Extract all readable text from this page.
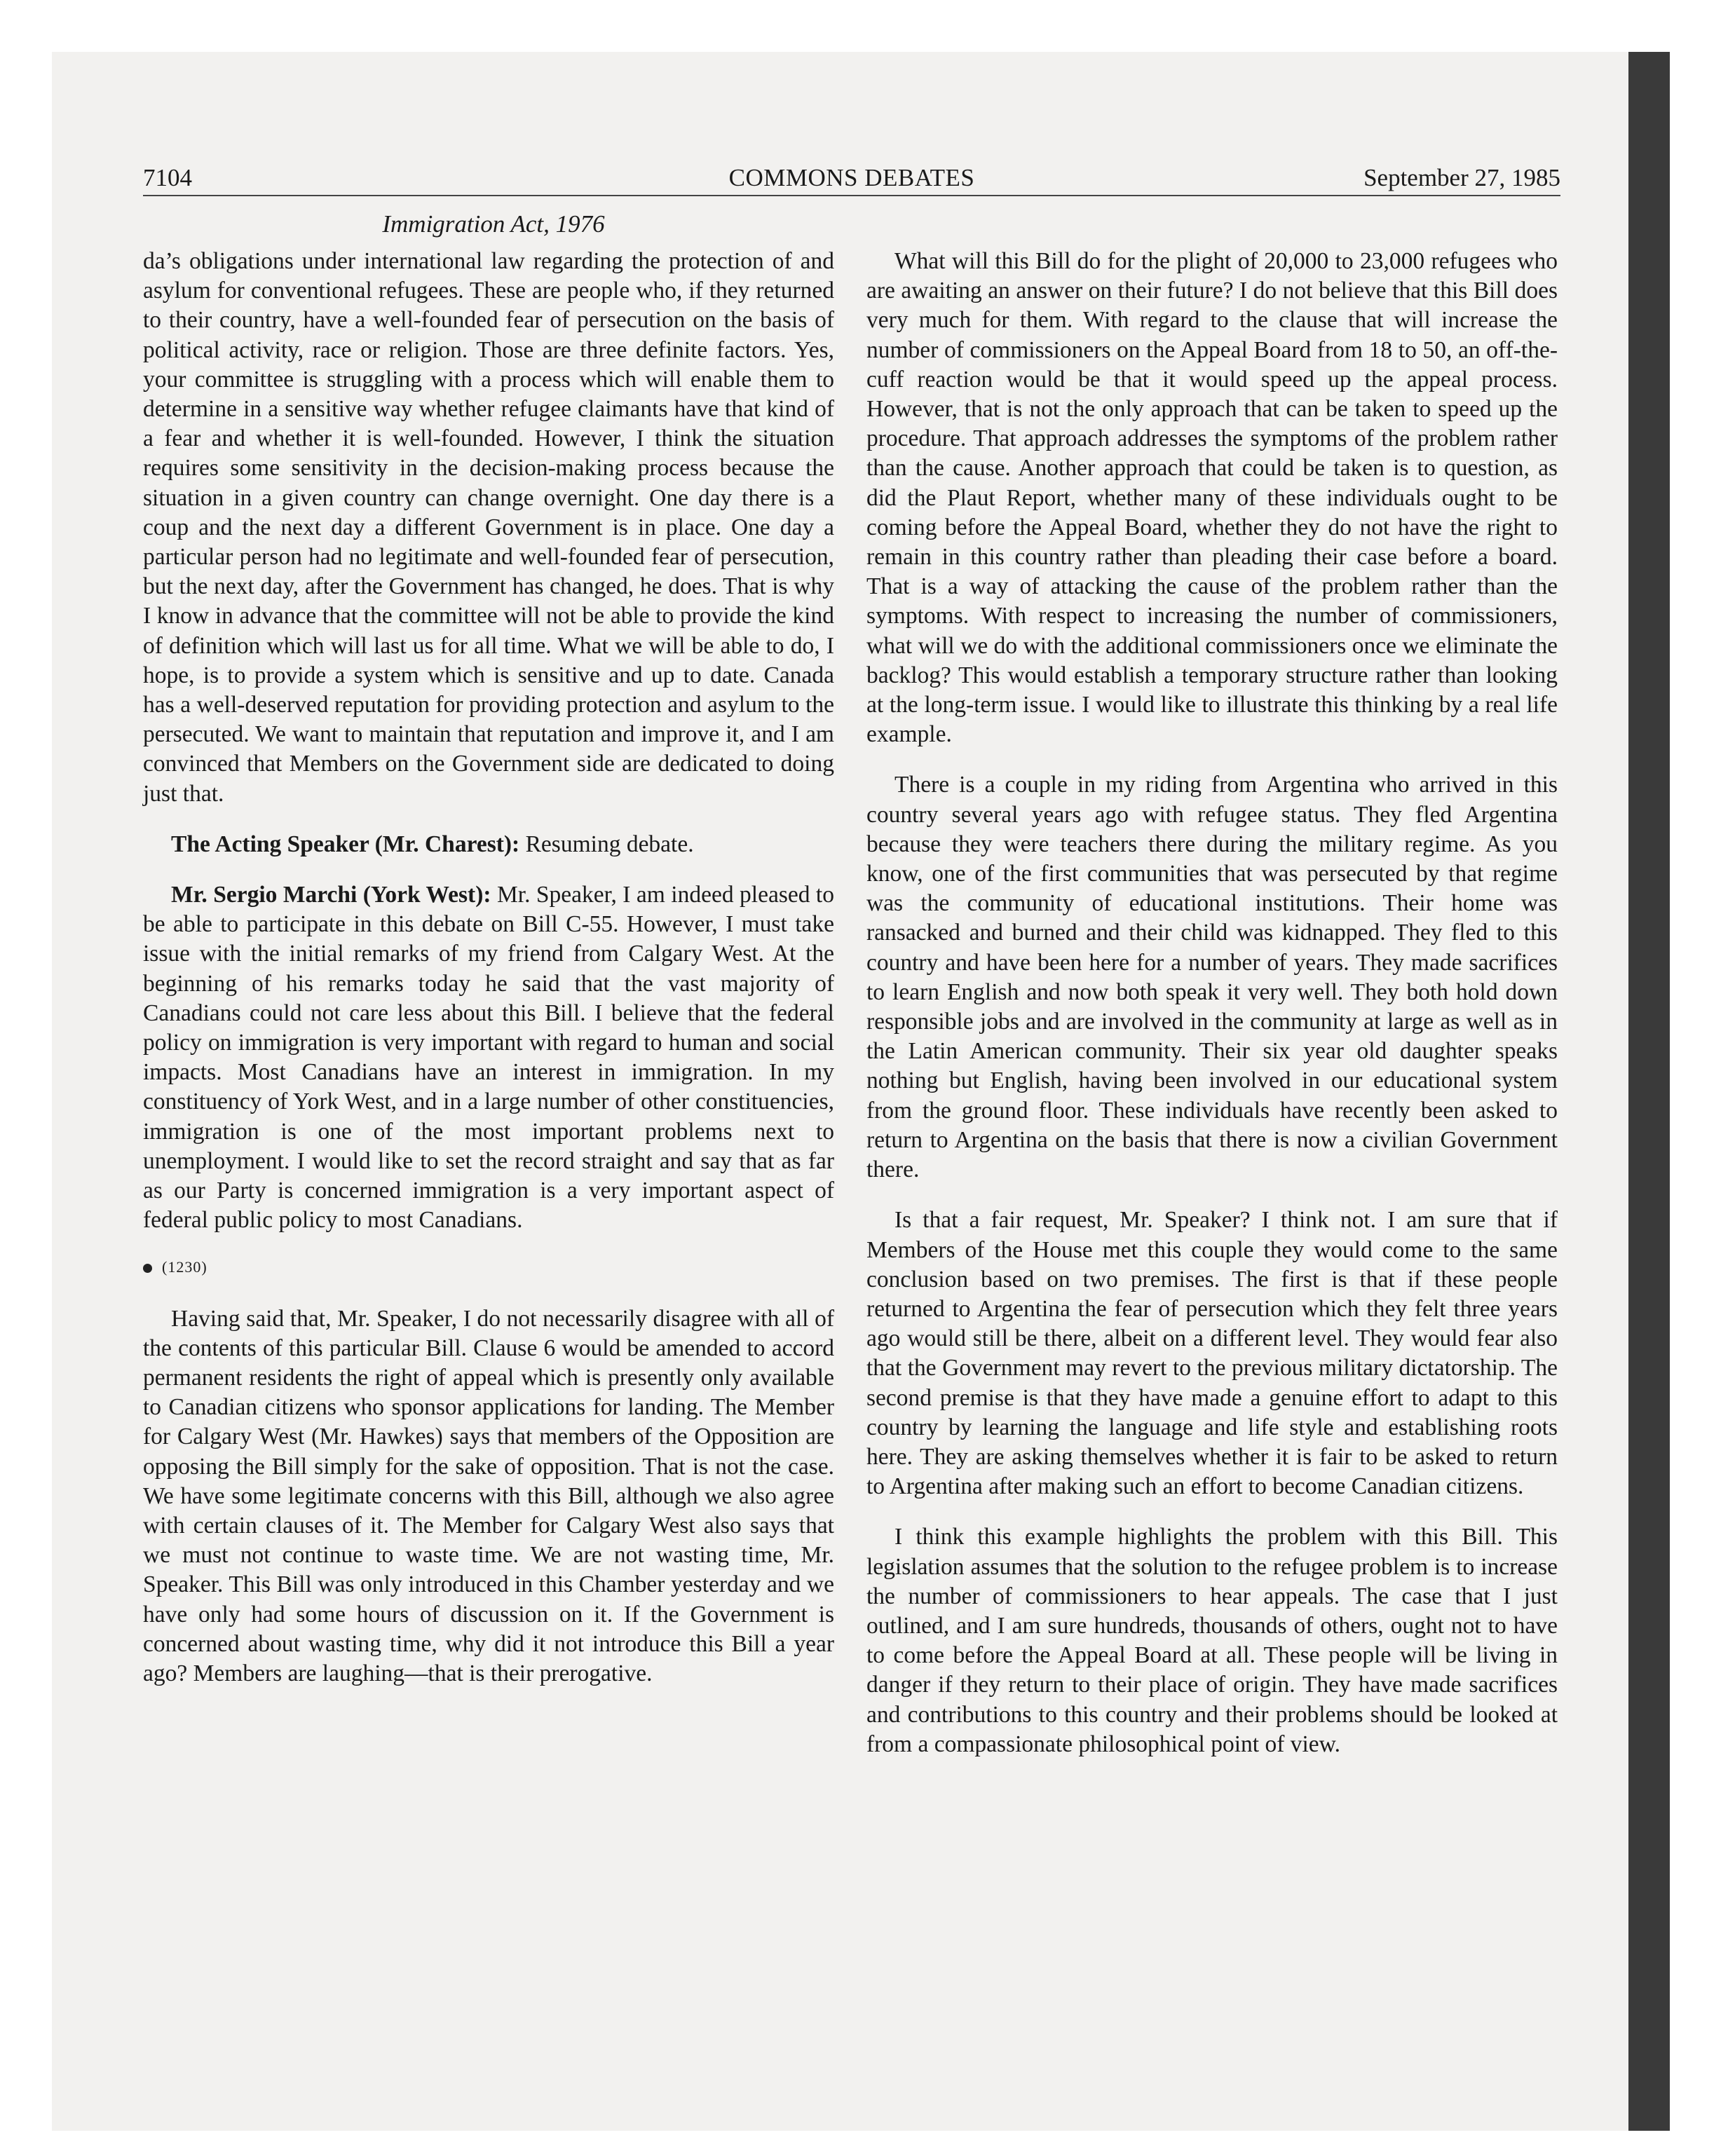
7104	COMMONS DEBATES	September 27, 1985
Immigration Act, 1976

da’s obligations under international law regarding the protection of and asylum for conventional refugees. These are people who, if they returned to their country, have a well-founded fear of persecution on the basis of political activity, race or religion. Those are three definite factors. Yes, your committee is struggling with a process which will enable them to determine in a sensitive way whether refugee claimants have that kind of a fear and whether it is well-founded. However, I think the situation requires some sensitivity in the decision-making process because the situation in a given country can change overnight. One day there is a coup and the next day a different Government is in place. One day a particular person had no legitimate and well-founded fear of persecution, but the next day, after the Government has changed, he does. That is why I know in advance that the committee will not be able to provide the kind of definition which will last us for all time. What we will be able to do, I hope, is to provide a system which is sensitive and up to date. Canada has a well-deserved reputation for providing protection and asylum to the persecuted. We want to maintain that reputation and improve it, and I am convinced that Members on the Government side are dedicated to doing just that.

The Acting Speaker (Mr. Charest): Resuming debate.

Mr. Sergio Marchi (York West): Mr. Speaker, I am indeed pleased to be able to participate in this debate on Bill C-55. However, I must take issue with the initial remarks of my friend from Calgary West. At the beginning of his remarks today he said that the vast majority of Canadians could not care less about this Bill. I believe that the federal policy on immigration is very important with regard to human and social impacts. Most Canadians have an interest in immigration. In my constituency of York West, and in a large number of other constituencies, immigration is one of the most important problems next to unemployment. I would like to set the record straight and say that as far as our Party is concerned immigration is a very important aspect of federal public policy to most Canadians.

(1230)

Having said that, Mr. Speaker, I do not necessarily disagree with all of the contents of this particular Bill. Clause 6 would be amended to accord permanent residents the right of appeal which is presently only available to Canadian citizens who sponsor applications for landing. The Member for Calgary West (Mr. Hawkes) says that members of the Opposition are opposing the Bill simply for the sake of opposition. That is not the case. We have some legitimate concerns with this Bill, although we also agree with certain clauses of it. The Member for Calgary West also says that we must not continue to waste time. We are not wasting time, Mr. Speaker. This Bill was only introduced in this Chamber yesterday and we have only had some hours of discussion on it. If the Government is concerned about wasting time, why did it not introduce this Bill a year ago? Members are laughing—that is their prerogative.

What will this Bill do for the plight of 20,000 to 23,000 refugees who are awaiting an answer on their future? I do not believe that this Bill does very much for them. With regard to the clause that will increase the number of commissioners on the Appeal Board from 18 to 50, an off-the-cuff reaction would be that it would speed up the appeal process. However, that is not the only approach that can be taken to speed up the procedure. That approach addresses the symptoms of the problem rather than the cause. Another approach that could be taken is to question, as did the Plaut Report, whether many of these individuals ought to be coming before the Appeal Board, whether they do not have the right to remain in this country rather than pleading their case before a board. That is a way of attacking the cause of the problem rather than the symptoms. With respect to increasing the number of commissioners, what will we do with the additional commissioners once we eliminate the backlog? This would establish a temporary structure rather than looking at the long-term issue. I would like to illustrate this thinking by a real life example.

There is a couple in my riding from Argentina who arrived in this country several years ago with refugee status. They fled Argentina because they were teachers there during the military regime. As you know, one of the first communities that was persecuted by that regime was the community of educational institutions. Their home was ransacked and burned and their child was kidnapped. They fled to this country and have been here for a number of years. They made sacrifices to learn English and now both speak it very well. They both hold down responsible jobs and are involved in the community at large as well as in the Latin American community. Their six year old daughter speaks nothing but English, having been involved in our educational system from the ground floor. These individuals have recently been asked to return to Argentina on the basis that there is now a civilian Government there.

Is that a fair request, Mr. Speaker? I think not. I am sure that if Members of the House met this couple they would come to the same conclusion based on two premises. The first is that if these people returned to Argentina the fear of persecution which they felt three years ago would still be there, albeit on a different level. They would fear also that the Government may revert to the previous military dictatorship. The second premise is that they have made a genuine effort to adapt to this country by learning the language and life style and establishing roots here. They are asking themselves whether it is fair to be asked to return to Argentina after making such an effort to become Canadian citizens.

I think this example highlights the problem with this Bill. This legislation assumes that the solution to the refugee problem is to increase the number of commissioners to hear appeals. The case that I just outlined, and I am sure hundreds, thousands of others, ought not to have to come before the Appeal Board at all. These people will be living in danger if they return to their place of origin. They have made sacrifices and contributions to this country and their problems should be looked at from a compassionate philosophical point of view.
